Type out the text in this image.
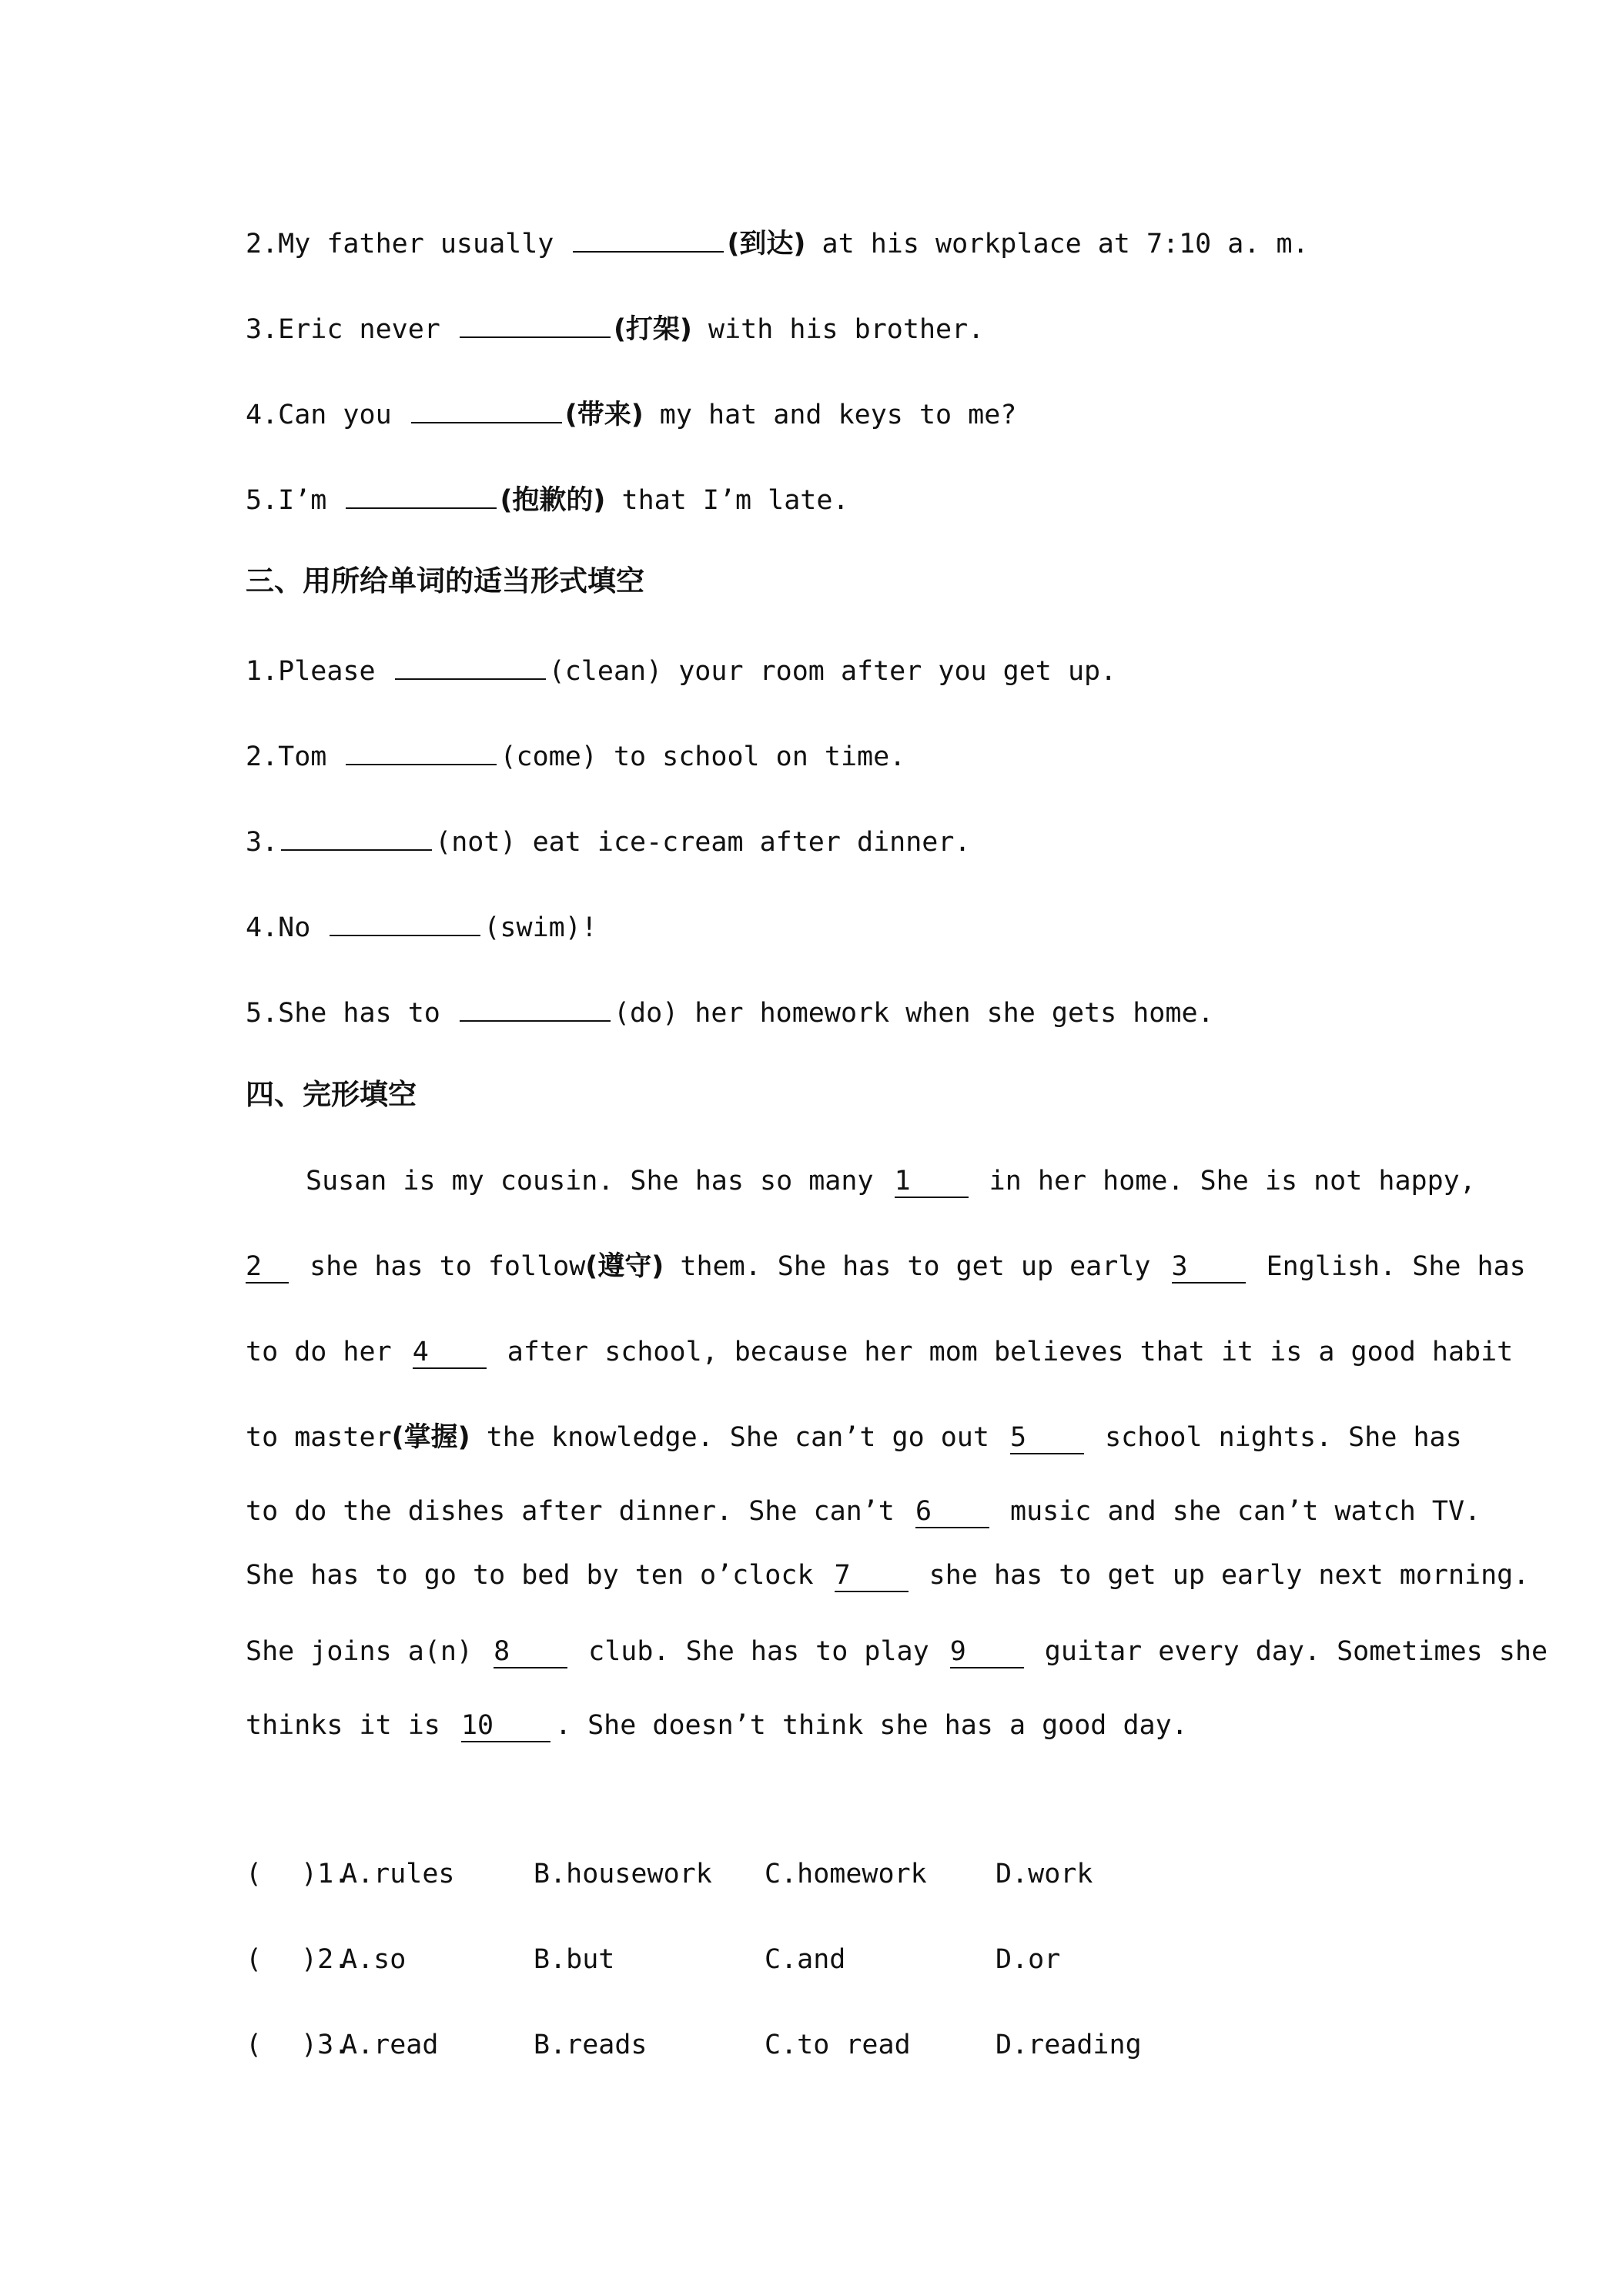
2.My father usually	(到达) at his workplace at 7:10 a. m.
3.Eric never	(打架) with his brother.
4.Can you	(带来) my hat and keys to me?
5.I’m	(抱歉的) that I’m late.
三、用所给单词的适当形式填空
1.Please	(clean) your room after you get up.
2.Tom	(come) to school on time.
3.	(not) eat ice-cream after dinner.
4.No	(swim)!
5.She has to	(do) her homework when she gets home.
四、完形填空
Susan is my cousin. She has so many 1 in her home. She is not happy,
2 she has to follow(遵守) them. She has to get up early 3 English. She has
to do her 4 after school, because her mom believes that it is a good habit
to master(掌握) the knowledge. She can’t go out 5 school nights. She has
to do the dishes after dinner. She can’t 6 music and she can’t watch TV.
She has to go to bed by ten o’clock 7 she has to get up early next morning.
She joins a(n) 8 club. She has to play 9 guitar every day. Sometimes she
thinks it is 10 . She doesn’t think she has a good day.
( )1.
A.rules	B.housework C.homework	D.work
( )2.
A.so	B.but	C.and	D.or
( )3.
A.read	B.reads	C.to read	D.reading
